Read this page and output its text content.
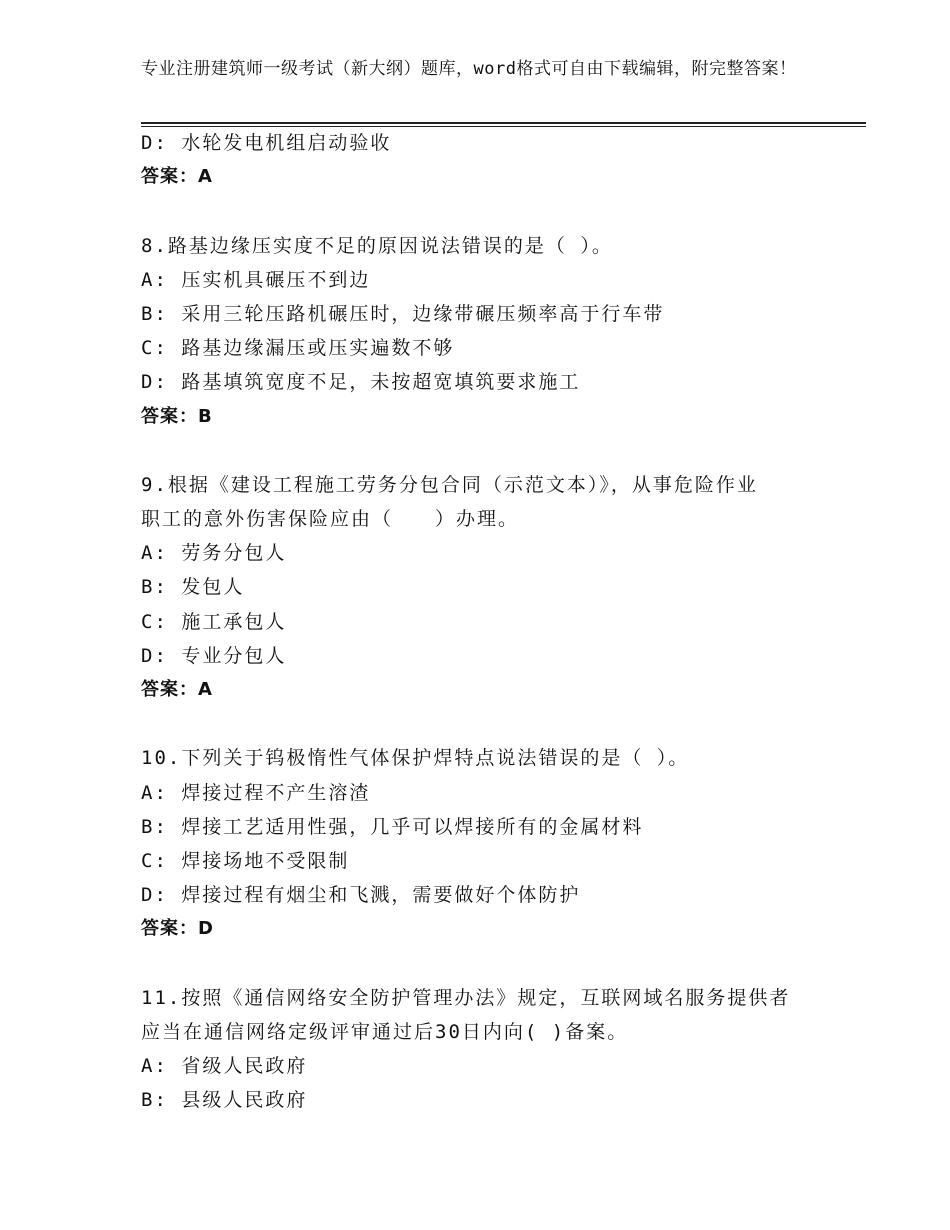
专业注册建筑师一级考试（新大纲）题库，word格式可自由下载编辑，附完整答案！
D: 水轮发电机组启动验收
答案：A
8.路基边缘压实度不足的原因说法错误的是（ ）。
A: 压实机具碾压不到边
B: 采用三轮压路机碾压时，边缘带碾压频率高于行车带
C: 路基边缘漏压或压实遍数不够
D: 路基填筑宽度不足，未按超宽填筑要求施工
答案：B
9.根据《建设工程施工劳务分包合同（示范文本）》，从事危险作业
职工的意外伤害保险应由（　　）办理。
A: 劳务分包人
B: 发包人
C: 施工承包人
D: 专业分包人
答案：A
10.下列关于钨极惰性气体保护焊特点说法错误的是（ ）。
A: 焊接过程不产生溶渣
B: 焊接工艺适用性强，几乎可以焊接所有的金属材料
C: 焊接场地不受限制
D: 焊接过程有烟尘和飞溅，需要做好个体防护
答案：D
11.按照《通信网络安全防护管理办法》规定，互联网域名服务提供者
应当在通信网络定级评审通过后30日内向( )备案。
A: 省级人民政府
B: 县级人民政府
